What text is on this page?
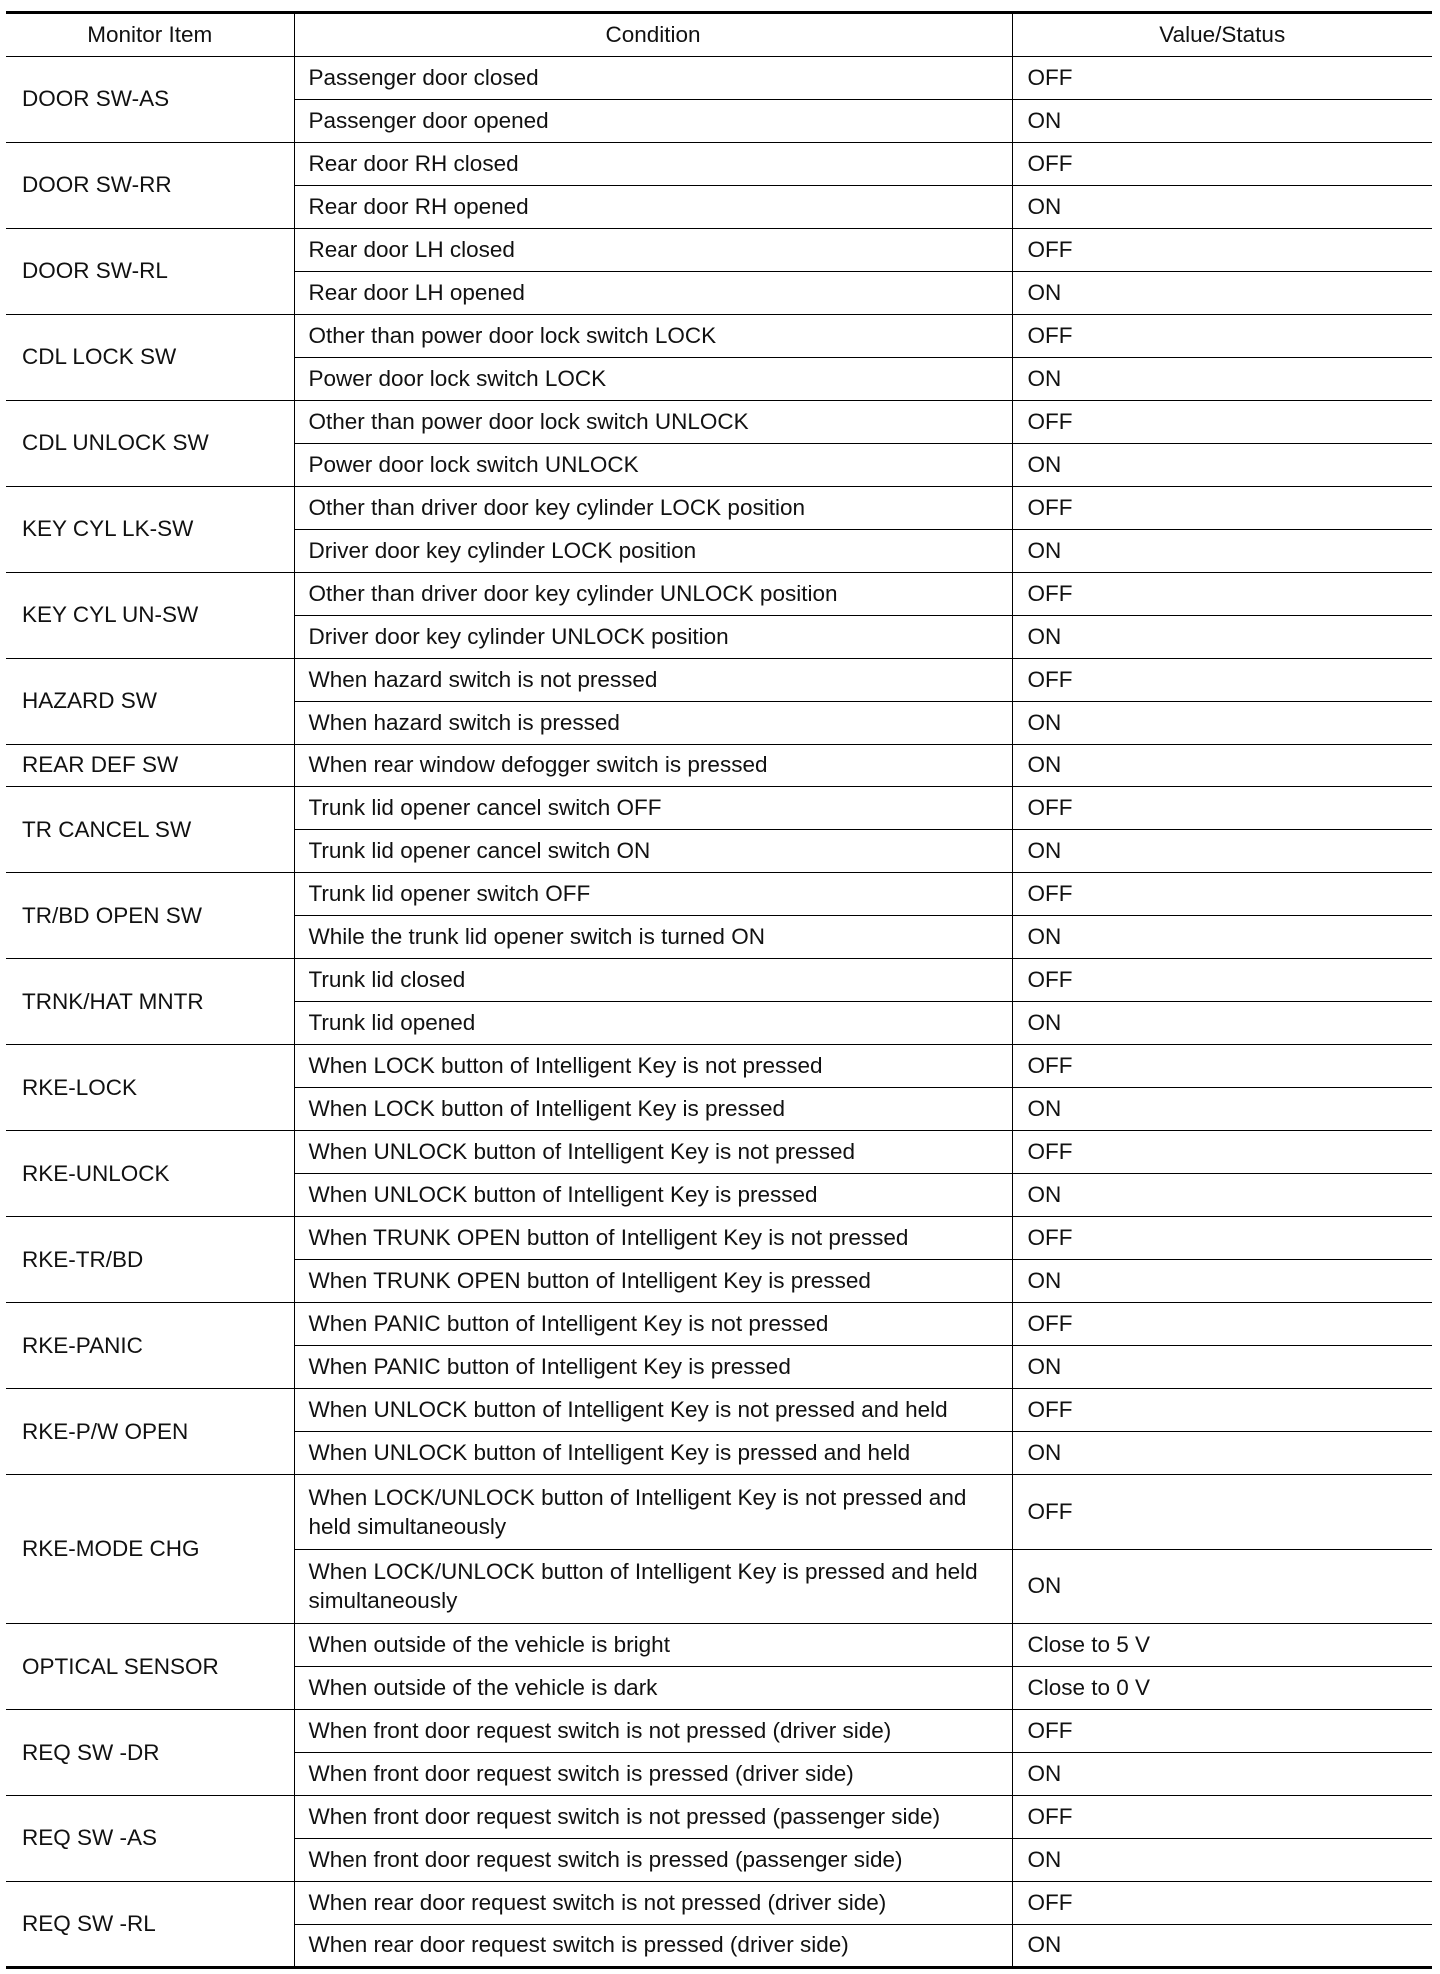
Monitor Item	Condition	Value/Status
DOOR SW-AS	Passenger door closed	OFF
	Passenger door opened	ON
DOOR SW-RR	Rear door RH closed	OFF
	Rear door RH opened	ON
DOOR SW-RL	Rear door LH closed	OFF
	Rear door LH opened	ON
CDL LOCK SW	Other than power door lock switch LOCK	OFF
	Power door lock switch LOCK	ON
CDL UNLOCK SW	Other than power door lock switch UNLOCK	OFF
	Power door lock switch UNLOCK	ON
KEY CYL LK-SW	Other than driver door key cylinder LOCK position	OFF
	Driver door key cylinder LOCK position	ON
KEY CYL UN-SW	Other than driver door key cylinder UNLOCK position	OFF
	Driver door key cylinder UNLOCK position	ON
HAZARD SW	When hazard switch is not pressed	OFF
	When hazard switch is pressed	ON
REAR DEF SW	When rear window defogger switch is pressed	ON
TR CANCEL SW	Trunk lid opener cancel switch OFF	OFF
	Trunk lid opener cancel switch ON	ON
TR/BD OPEN SW	Trunk lid opener switch OFF	OFF
	While the trunk lid opener switch is turned ON	ON
TRNK/HAT MNTR	Trunk lid closed	OFF
	Trunk lid opened	ON
RKE-LOCK	When LOCK button of Intelligent Key is not pressed	OFF
	When LOCK button of Intelligent Key is pressed	ON
RKE-UNLOCK	When UNLOCK button of Intelligent Key is not pressed	OFF
	When UNLOCK button of Intelligent Key is pressed	ON
RKE-TR/BD	When TRUNK OPEN button of Intelligent Key is not pressed	OFF
	When TRUNK OPEN button of Intelligent Key is pressed	ON
RKE-PANIC	When PANIC button of Intelligent Key is not pressed	OFF
	When PANIC button of Intelligent Key is pressed	ON
RKE-P/W OPEN	When UNLOCK button of Intelligent Key is not pressed and held	OFF
	When UNLOCK button of Intelligent Key is pressed and held	ON
RKE-MODE CHG	When LOCK/UNLOCK button of Intelligent Key is not pressed and held simultaneously	OFF
	When LOCK/UNLOCK button of Intelligent Key is pressed and held simultaneously	ON
OPTICAL SENSOR	When outside of the vehicle is bright	Close to 5 V
	When outside of the vehicle is dark	Close to 0 V
REQ SW -DR	When front door request switch is not pressed (driver side)	OFF
	When front door request switch is pressed (driver side)	ON
REQ SW -AS	When front door request switch is not pressed (passenger side)	OFF
	When front door request switch is pressed (passenger side)	ON
REQ SW -RL	When rear door request switch is not pressed (driver side)	OFF
	When rear door request switch is pressed (driver side)	ON
